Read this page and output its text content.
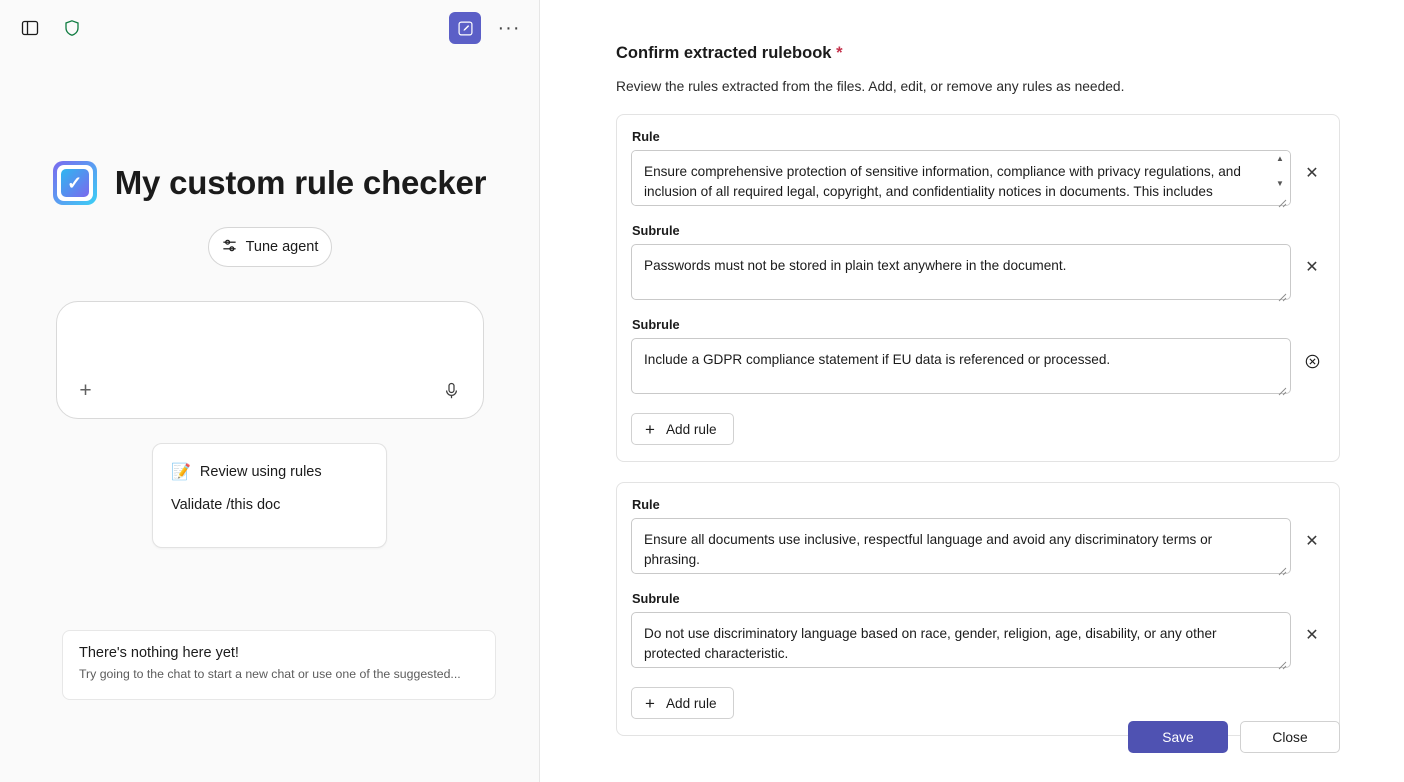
···
✓ My custom rule checker
Tune agent
+
📝 Review using rules
Validate /this doc
There's nothing here yet!
Try going to the chat to start a new chat or use one of the suggested...
Confirm extracted rulebook *
Review the rules extracted from the files. Add, edit, or remove any rules as needed.
Rule
Ensure comprehensive protection of sensitive information, compliance with privacy regulations, and inclusion of all required legal, copyright, and confidentiality notices in documents. This includes avoiding storage of passwords, including GDPR compliance statements, displaying of copyright and confidentiality
▲
▼
✕
Subrule
Passwords must not be stored in plain text anywhere in the document.
✕
Subrule
Include a GDPR compliance statement if EU data is referenced or processed.
+ Add rule
Rule
Ensure all documents use inclusive, respectful language and avoid any discriminatory terms or phrasing.
✕
Subrule
Do not use discriminatory language based on race, gender, religion, age, disability, or any other protected characteristic.
✕
+ Add rule
Save	Close
